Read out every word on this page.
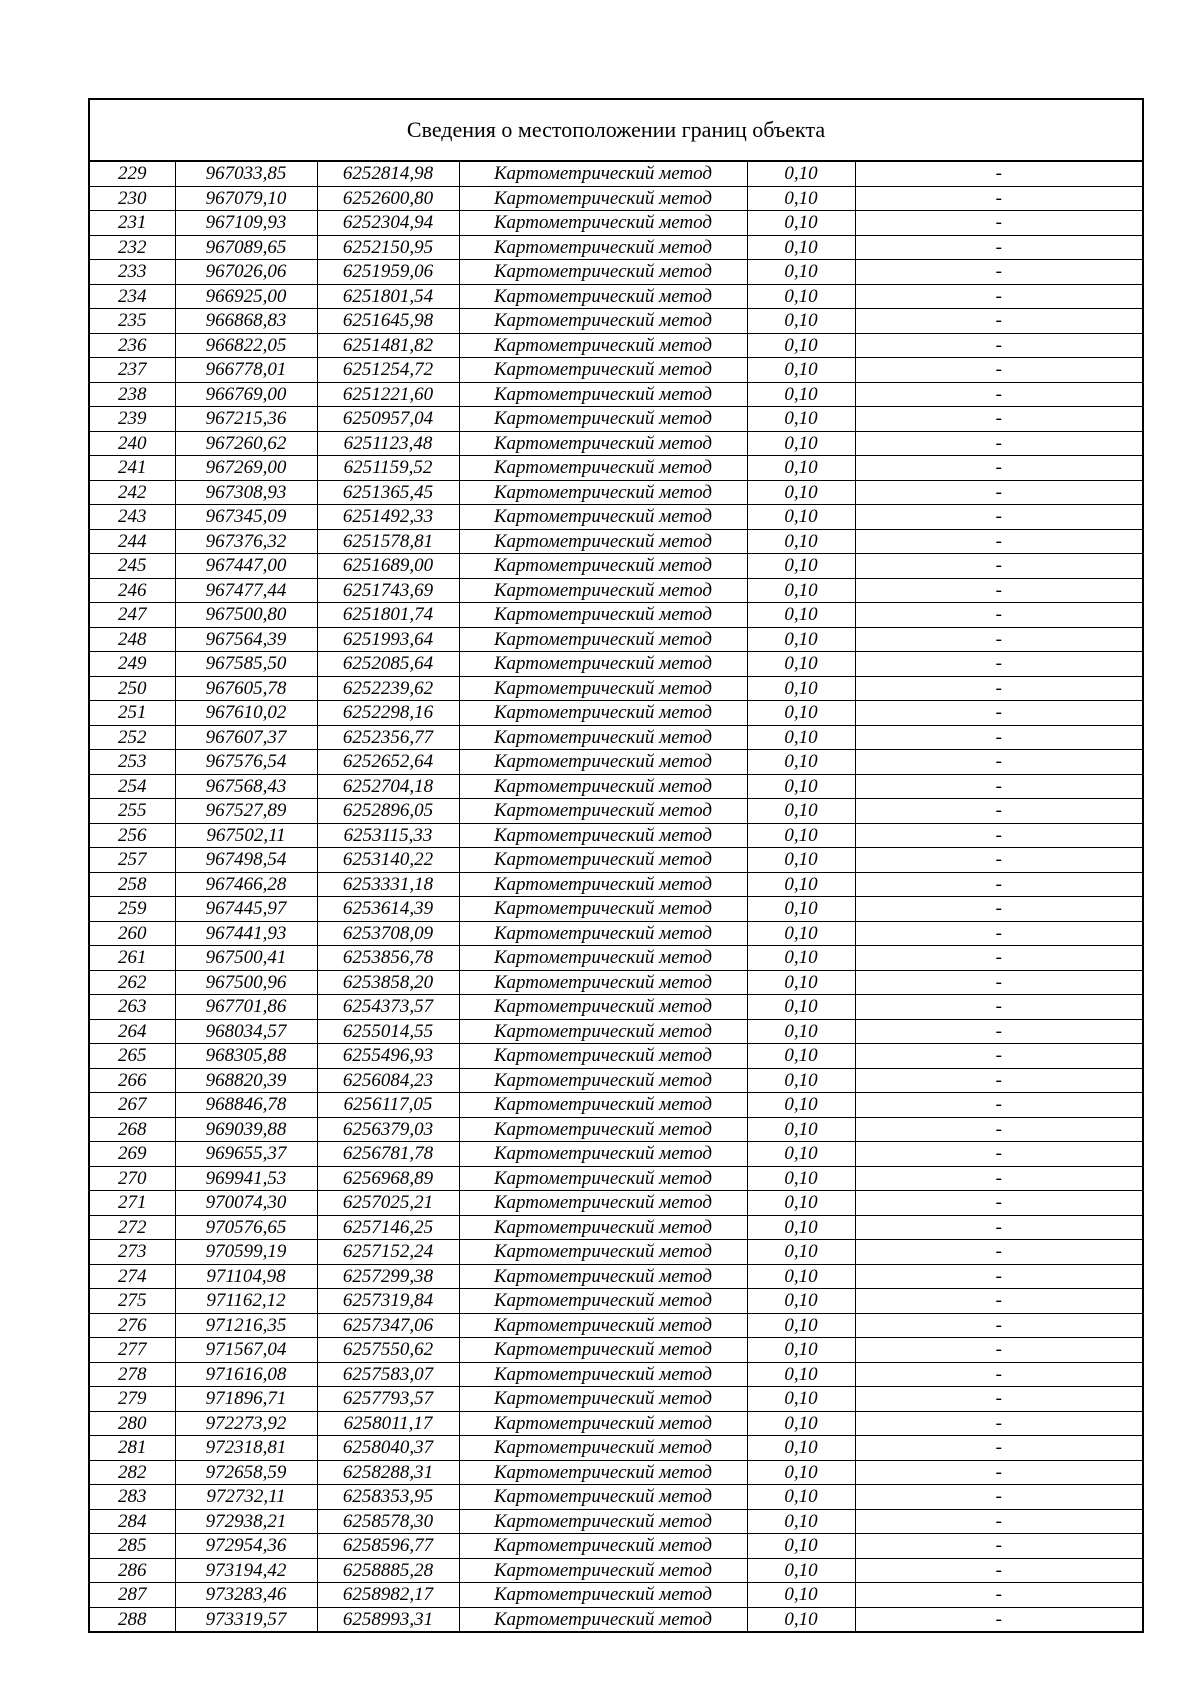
Сведения о местоположении границ объекта
229	967033,85	6252814,98	Картометрический метод	0,10	-
230	967079,10	6252600,80	Картометрический метод	0,10	-
231	967109,93	6252304,94	Картометрический метод	0,10	-
232	967089,65	6252150,95	Картометрический метод	0,10	-
233	967026,06	6251959,06	Картометрический метод	0,10	-
234	966925,00	6251801,54	Картометрический метод	0,10	-
235	966868,83	6251645,98	Картометрический метод	0,10	-
236	966822,05	6251481,82	Картометрический метод	0,10	-
237	966778,01	6251254,72	Картометрический метод	0,10	-
238	966769,00	6251221,60	Картометрический метод	0,10	-
239	967215,36	6250957,04	Картометрический метод	0,10	-
240	967260,62	6251123,48	Картометрический метод	0,10	-
241	967269,00	6251159,52	Картометрический метод	0,10	-
242	967308,93	6251365,45	Картометрический метод	0,10	-
243	967345,09	6251492,33	Картометрический метод	0,10	-
244	967376,32	6251578,81	Картометрический метод	0,10	-
245	967447,00	6251689,00	Картометрический метод	0,10	-
246	967477,44	6251743,69	Картометрический метод	0,10	-
247	967500,80	6251801,74	Картометрический метод	0,10	-
248	967564,39	6251993,64	Картометрический метод	0,10	-
249	967585,50	6252085,64	Картометрический метод	0,10	-
250	967605,78	6252239,62	Картометрический метод	0,10	-
251	967610,02	6252298,16	Картометрический метод	0,10	-
252	967607,37	6252356,77	Картометрический метод	0,10	-
253	967576,54	6252652,64	Картометрический метод	0,10	-
254	967568,43	6252704,18	Картометрический метод	0,10	-
255	967527,89	6252896,05	Картометрический метод	0,10	-
256	967502,11	6253115,33	Картометрический метод	0,10	-
257	967498,54	6253140,22	Картометрический метод	0,10	-
258	967466,28	6253331,18	Картометрический метод	0,10	-
259	967445,97	6253614,39	Картометрический метод	0,10	-
260	967441,93	6253708,09	Картометрический метод	0,10	-
261	967500,41	6253856,78	Картометрический метод	0,10	-
262	967500,96	6253858,20	Картометрический метод	0,10	-
263	967701,86	6254373,57	Картометрический метод	0,10	-
264	968034,57	6255014,55	Картометрический метод	0,10	-
265	968305,88	6255496,93	Картометрический метод	0,10	-
266	968820,39	6256084,23	Картометрический метод	0,10	-
267	968846,78	6256117,05	Картометрический метод	0,10	-
268	969039,88	6256379,03	Картометрический метод	0,10	-
269	969655,37	6256781,78	Картометрический метод	0,10	-
270	969941,53	6256968,89	Картометрический метод	0,10	-
271	970074,30	6257025,21	Картометрический метод	0,10	-
272	970576,65	6257146,25	Картометрический метод	0,10	-
273	970599,19	6257152,24	Картометрический метод	0,10	-
274	971104,98	6257299,38	Картометрический метод	0,10	-
275	971162,12	6257319,84	Картометрический метод	0,10	-
276	971216,35	6257347,06	Картометрический метод	0,10	-
277	971567,04	6257550,62	Картометрический метод	0,10	-
278	971616,08	6257583,07	Картометрический метод	0,10	-
279	971896,71	6257793,57	Картометрический метод	0,10	-
280	972273,92	6258011,17	Картометрический метод	0,10	-
281	972318,81	6258040,37	Картометрический метод	0,10	-
282	972658,59	6258288,31	Картометрический метод	0,10	-
283	972732,11	6258353,95	Картометрический метод	0,10	-
284	972938,21	6258578,30	Картометрический метод	0,10	-
285	972954,36	6258596,77	Картометрический метод	0,10	-
286	973194,42	6258885,28	Картометрический метод	0,10	-
287	973283,46	6258982,17	Картометрический метод	0,10	-
288	973319,57	6258993,31	Картометрический метод	0,10	-
